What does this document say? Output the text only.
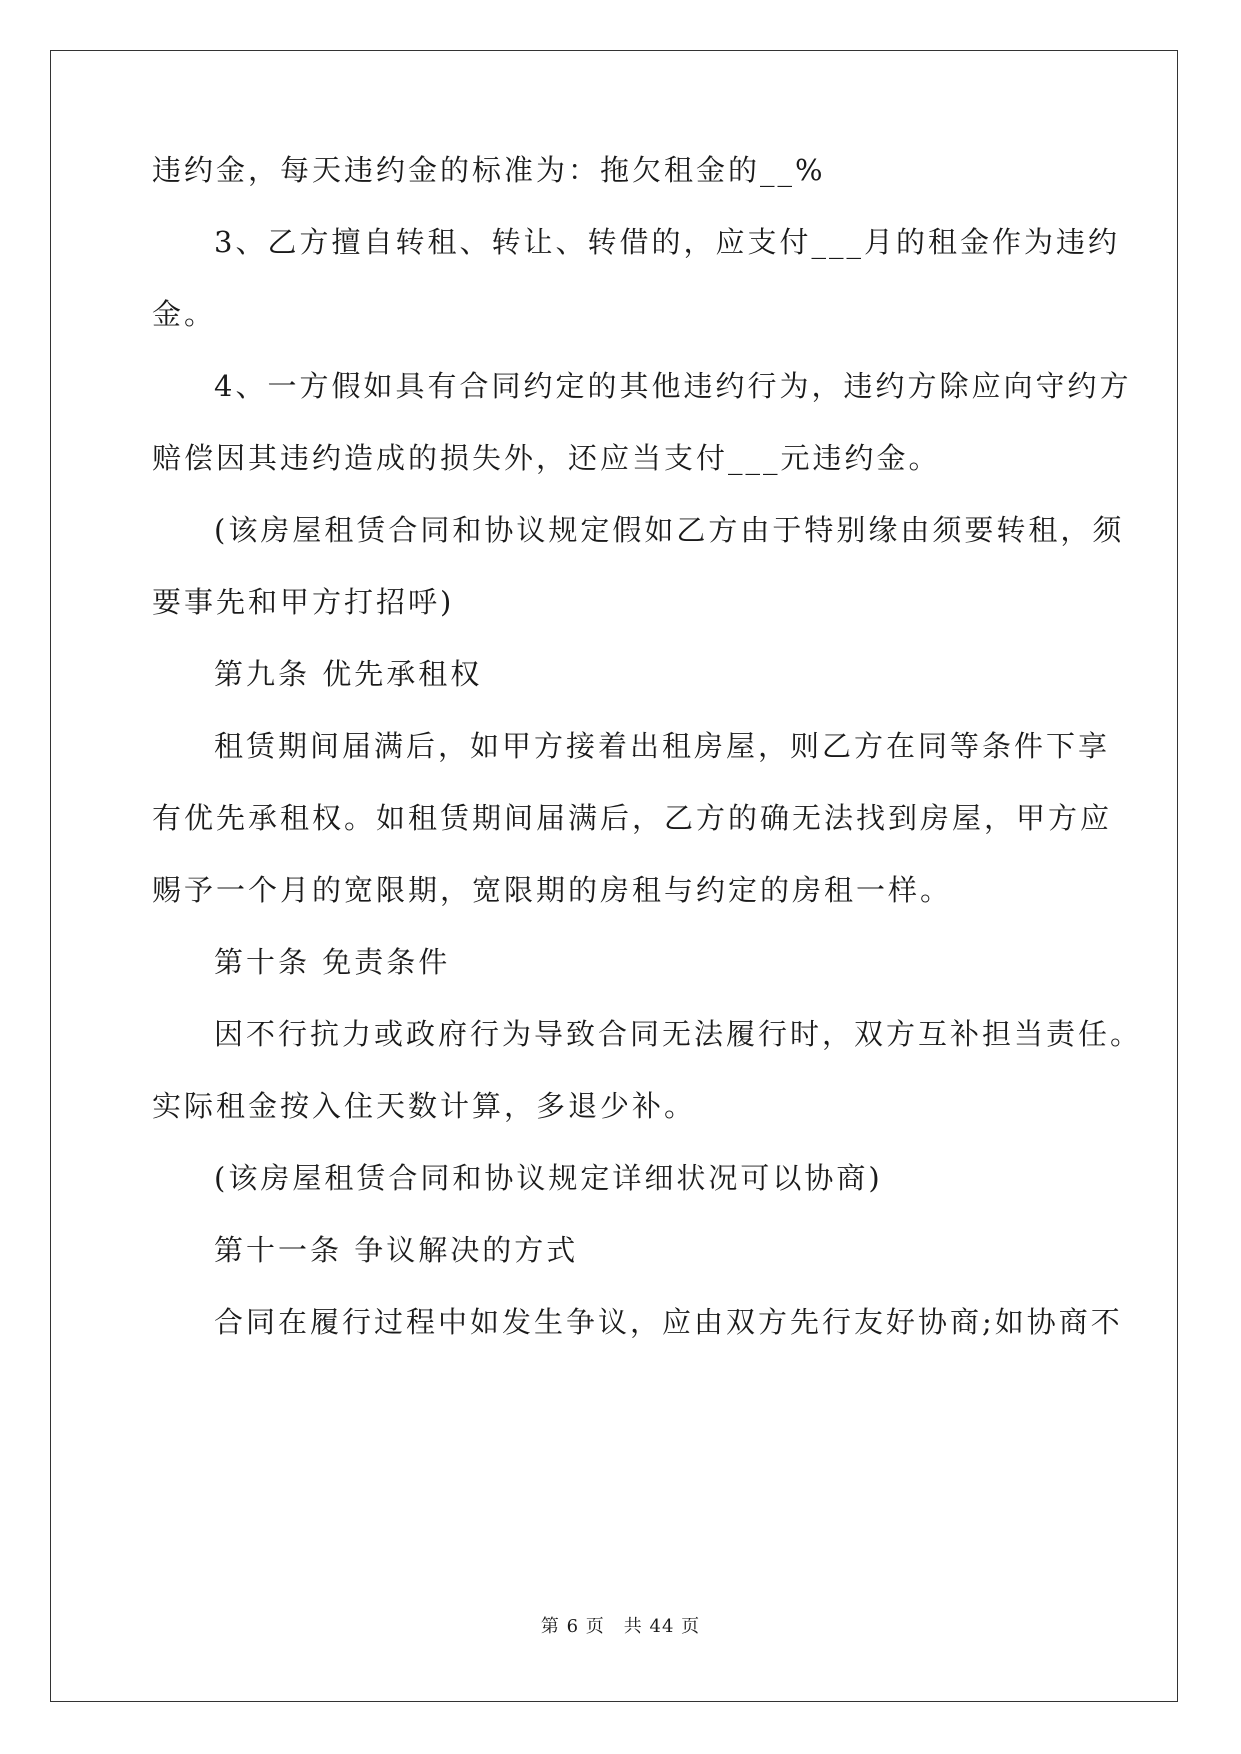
违约金，每天违约金的标准为：拖欠租金的__%
3、乙方擅自转租、转让、转借的，应支付___月的租金作为违约
金。
4、一方假如具有合同约定的其他违约行为，违约方除应向守约方
赔偿因其违约造成的损失外，还应当支付___元违约金。
(该房屋租赁合同和协议规定假如乙方由于特别缘由须要转租，须
要事先和甲方打招呼)
第九条 优先承租权
租赁期间届满后，如甲方接着出租房屋，则乙方在同等条件下享
有优先承租权。如租赁期间届满后，乙方的确无法找到房屋，甲方应
赐予一个月的宽限期，宽限期的房租与约定的房租一样。
第十条 免责条件
因不行抗力或政府行为导致合同无法履行时，双方互补担当责任。
实际租金按入住天数计算，多退少补。
(该房屋租赁合同和协议规定详细状况可以协商)
第十一条 争议解决的方式
合同在履行过程中如发生争议，应由双方先行友好协商;如协商不
第 6 页　共 44 页
